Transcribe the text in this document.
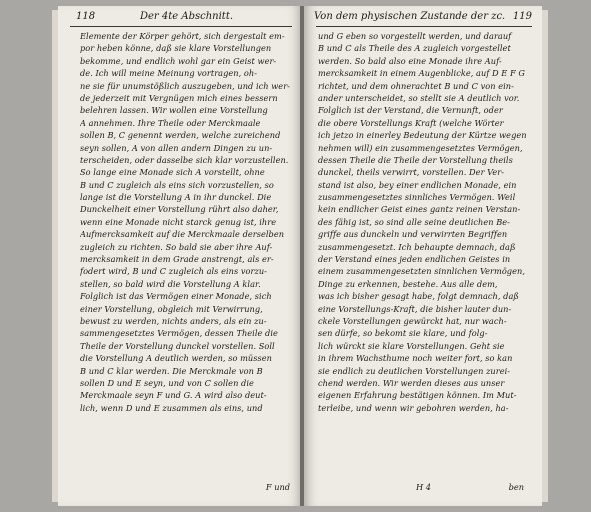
118	Der 4te Abschnitt.
Elemente der Körper gehört, sich dergestalt em-
por heben könne, daß sie klare Vorstellungen
bekomme, und endlich wohl gar ein Geist wer-
de. Ich will meine Meinung vortragen, oh-
ne sie für unumstößlich auszugeben, und ich wer-
de jederzeit mit Vergnügen mich eines bessern
belehren lassen. Wir wollen eine Vorstellung
A annehmen. Ihre Theile oder Merckmaale
sollen B, C genennt werden, welche zureichend
seyn sollen, A von allen andern Dingen zu un-
terscheiden, oder dasselbe sich klar vorzustellen.
So lange eine Monade sich A vorstellt, ohne
B und C zugleich als eins sich vorzustellen, so
lange ist die Vorstellung A in ihr dunckel. Die
Dunckelheit einer Vorstellung rührt also daher,
wenn eine Monade nicht starck genug ist, ihre
Aufmercksamkeit auf die Merckmaale derselben
zugleich zu richten. So bald sie aber ihre Auf-
mercksamkeit in dem Grade anstrengt, als er-
fodert wird, B und C zugleich als eins vorzu-
stellen, so bald wird die Vorstellung A klar.
Folglich ist das Vermögen einer Monade, sich
einer Vorstellung, obgleich mit Verwirrung,
bewust zu werden, nichts anders, als ein zu-
sammengesetztes Vermögen, dessen Theile die
Theile der Vorstellung dunckel vorstellen. Soll
die Vorstellung A deutlich werden, so müssen
B und C klar werden. Die Merckmale von B
sollen D und E seyn, und von C sollen die
Merckmaale seyn F und G. A wird also deut-
lich, wenn D und E zusammen als eins, und
F und
Von dem physischen Zustande der zc. 119
und G eben so vorgestellt werden, und darauf
B und C als Theile des A zugleich vorgestellet
werden. So bald also eine Monade ihre Auf-
mercksamkeit in einem Augenblicke, auf D E F G
richtet, und dem ohnerachtet B und C von ein-
ander unterscheidet, so stellt sie A deutlich vor.
Folglich ist der Verstand, die Vernunft, oder
die obere Vorstellungs Kraft (welche Wörter
ich jetzo in einerley Bedeutung der Kürtze wegen
nehmen will) ein zusammengesetztes Vermögen,
dessen Theile die Theile der Vorstellung theils
dunckel, theils verwirrt, vorstellen. Der Ver-
stand ist also, bey einer endlichen Monade, ein
zusammengesetztes sinnliches Vermögen. Weil
kein endlicher Geist eines gantz reinen Verstan-
des fähig ist, so sind alle seine deutlichen Be-
griffe aus dunckeln und verwirrten Begriffen
zusammengesetzt. Ich behaupte demnach, daß
der Verstand eines jeden endlichen Geistes in
einem zusammengesetzten sinnlichen Vermögen,
Dinge zu erkennen, bestehe. Aus alle dem,
was ich bisher gesagt habe, folgt demnach, daß
eine Vorstellungs-Kraft, die bisher lauter dun-
ckele Vorstellungen gewürckt hat, nur wach-
sen dürfe, so bekomt sie klare, und folg-
lich würckt sie klare Vorstellungen. Geht sie
in ihrem Wachsthume noch weiter fort, so kan
sie endlich zu deutlichen Vorstellungen zurei-
chend werden. Wir werden dieses aus unser
eigenen Erfahrung bestätigen können. Im Mut-
terleibe, und wenn wir gebohren werden, ha-
H 4	ben
